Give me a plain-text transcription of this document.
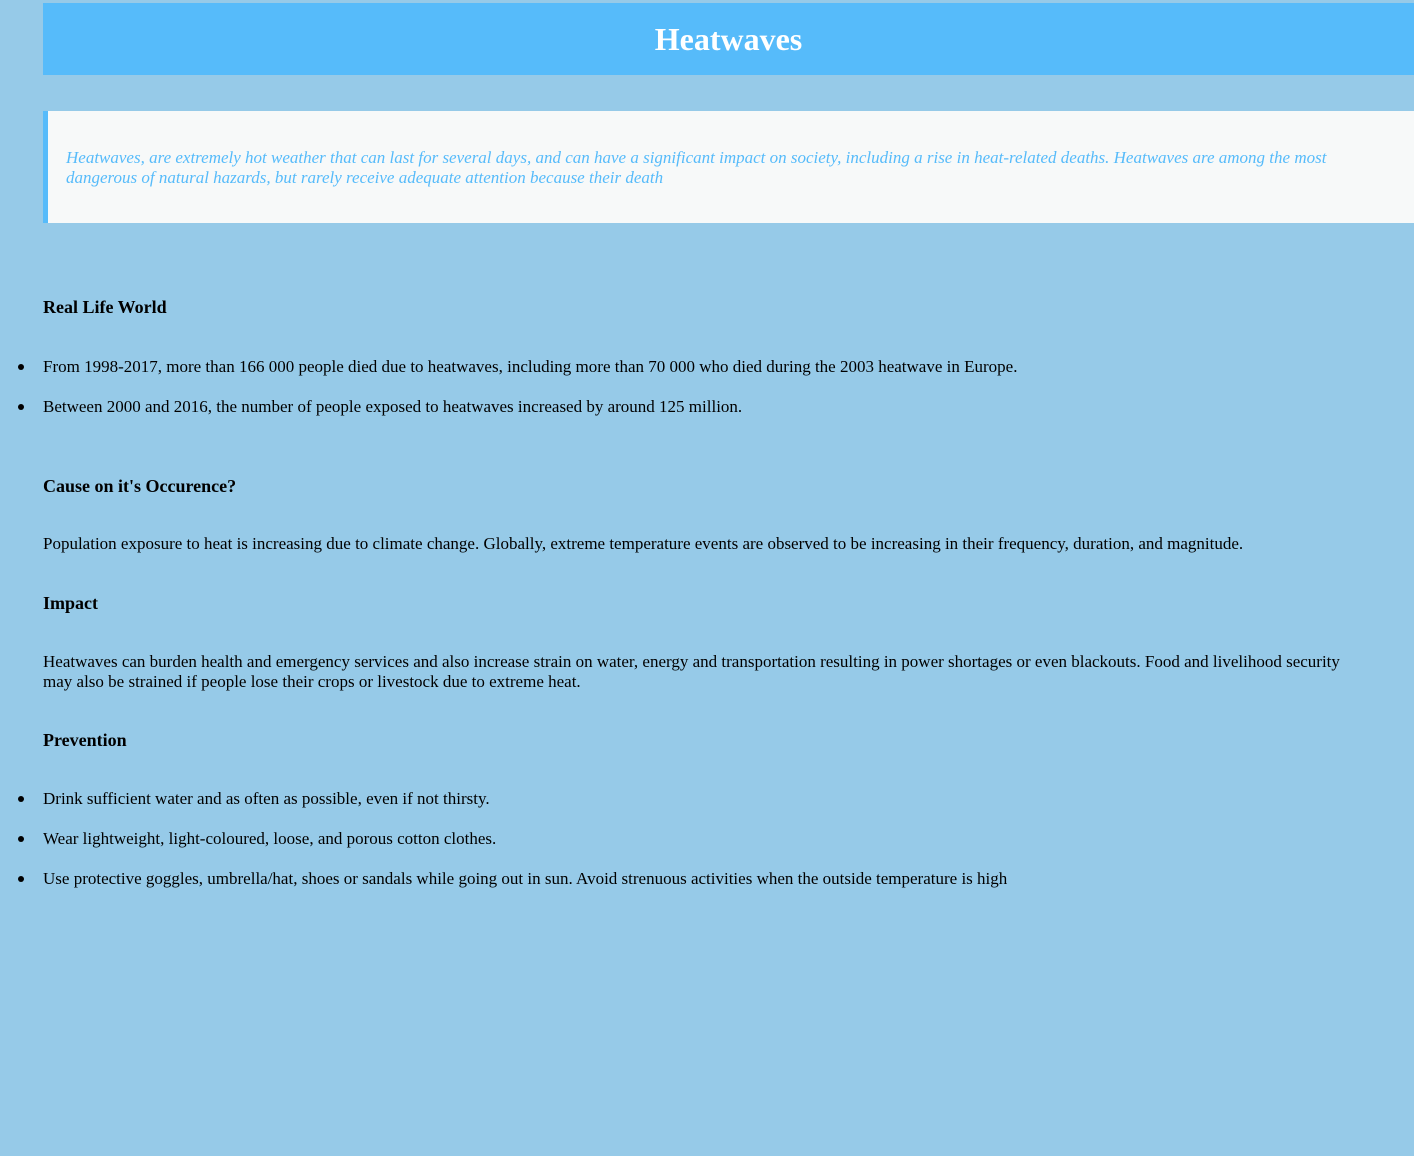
Heatwaves
Heatwaves, are extremely hot weather that can last for several days, and can have a significant impact on society, including a rise in heat-related deaths. Heatwaves are among the most dangerous of natural hazards, but rarely receive adequate attention because their death
Real Life World
From 1998-2017, more than 166 000 people died due to heatwaves, including more than 70 000 who died during the 2003 heatwave in Europe.
Between 2000 and 2016, the number of people exposed to heatwaves increased by around 125 million.
Cause on it's Occurence?

Population exposure to heat is increasing due to climate change. Globally, extreme temperature events are observed to be increasing in their frequency, duration, and magnitude.

Impact

Heatwaves can burden health and emergency services and also increase strain on water, energy and transportation resulting in power shortages or even blackouts. Food and livelihood security may also be strained if people lose their crops or livestock due to extreme heat.

Prevention
Drink sufficient water and as often as possible, even if not thirsty.
Wear lightweight, light-coloured, loose, and porous cotton clothes.
Use protective goggles, umbrella/hat, shoes or sandals while going out in sun. Avoid strenuous activities when the outside temperature is high
